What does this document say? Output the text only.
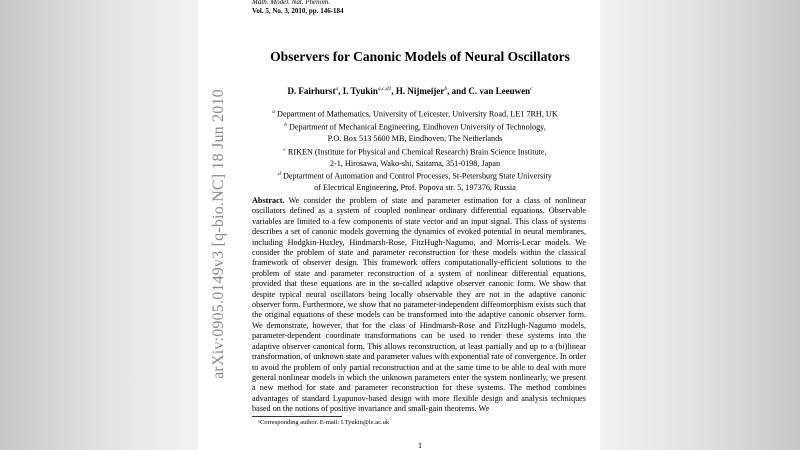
arXiv:0905.0149v3 [q-bio.NC] 18 Jun 2010
Math. Model. Nat. Phenom.
Vol. 5, No. 3, 2010, pp. 146-184
Observers for Canonic Models of Neural Oscillators
D. Fairhurst$^a$, I. Tyukin$^{a,c,d1}$, H. Nijmeijer$^b$, and C. van Leeuwen$^c$
$^a$ Department of Mathematics, University of Leicester, University Road, LE1 7RH, UK
$^b$ Department of Mechanical Engineering, Eindhoven University of Technology,
P.O. Box 513 5600 MB, Eindhoven, The Netherlands
$^c$ RIKEN (Institute for Physical and Chemical Research) Brain Science Institute,
2-1, Hirosawa, Wako-shi, Saitama, 351-0198, Japan
$^d$ Deptartment of Automation and Control Processes, St-Petersburg State University
of Electrical Engineering, Prof. Popova str. 5, 197376, Russia
Abstract. We consider the problem of state and parameter estimation for a class of nonlinear oscillators defined as a system of coupled nonlinear ordinary differential equations. Observable variables are limited to a few components of state vector and an input signal. This class of systems describes a set of canonic models governing the dynamics of evoked potential in neural membranes, including Hodgkin-Huxley, Hindmarsh-Rose, FitzHugh-Nagumo, and Morris-Lecar models. We consider the problem of state and parameter reconstruction for these models within the classical framework of observer design. This framework offers computationally-efficient solutions to the problem of state and parameter reconstruction of a system of nonlinear differential equations, provided that these equations are in the so-called adaptive observer canonic form. We show that despite typical neural oscillators being locally observable they are not in the adaptive canonic observer form. Furthermore, we show that no parameter-independent diffeomorphism exists such that the original equations of these models can be transformed into the adaptive canonic observer form. We demonstrate, however, that for the class of Hindmarsh-Rose and FitzHugh-Nagumo models, parameter-dependent coordinate transformations can be used to render these systems into the adaptive observer canonical form. This allows reconstruction, at least partially and up to a (bi)linear transformation, of unknown state and parameter values with exponential rate of convergence. In order to avoid the problem of only partial reconstruction and at the same time to be able to deal with more general nonlinear models in which the unknown parameters enter the system nonlinearly, we present a new method for state and parameter reconstruction for these systems. The method combines advantages of standard Lyapunov-based design with more flexible design and analysis techniques based on the notions of positive invariance and small-gain theorems. We
¹Corresponding author. E-mail: I.Tyukin@le.ac.uk
1
